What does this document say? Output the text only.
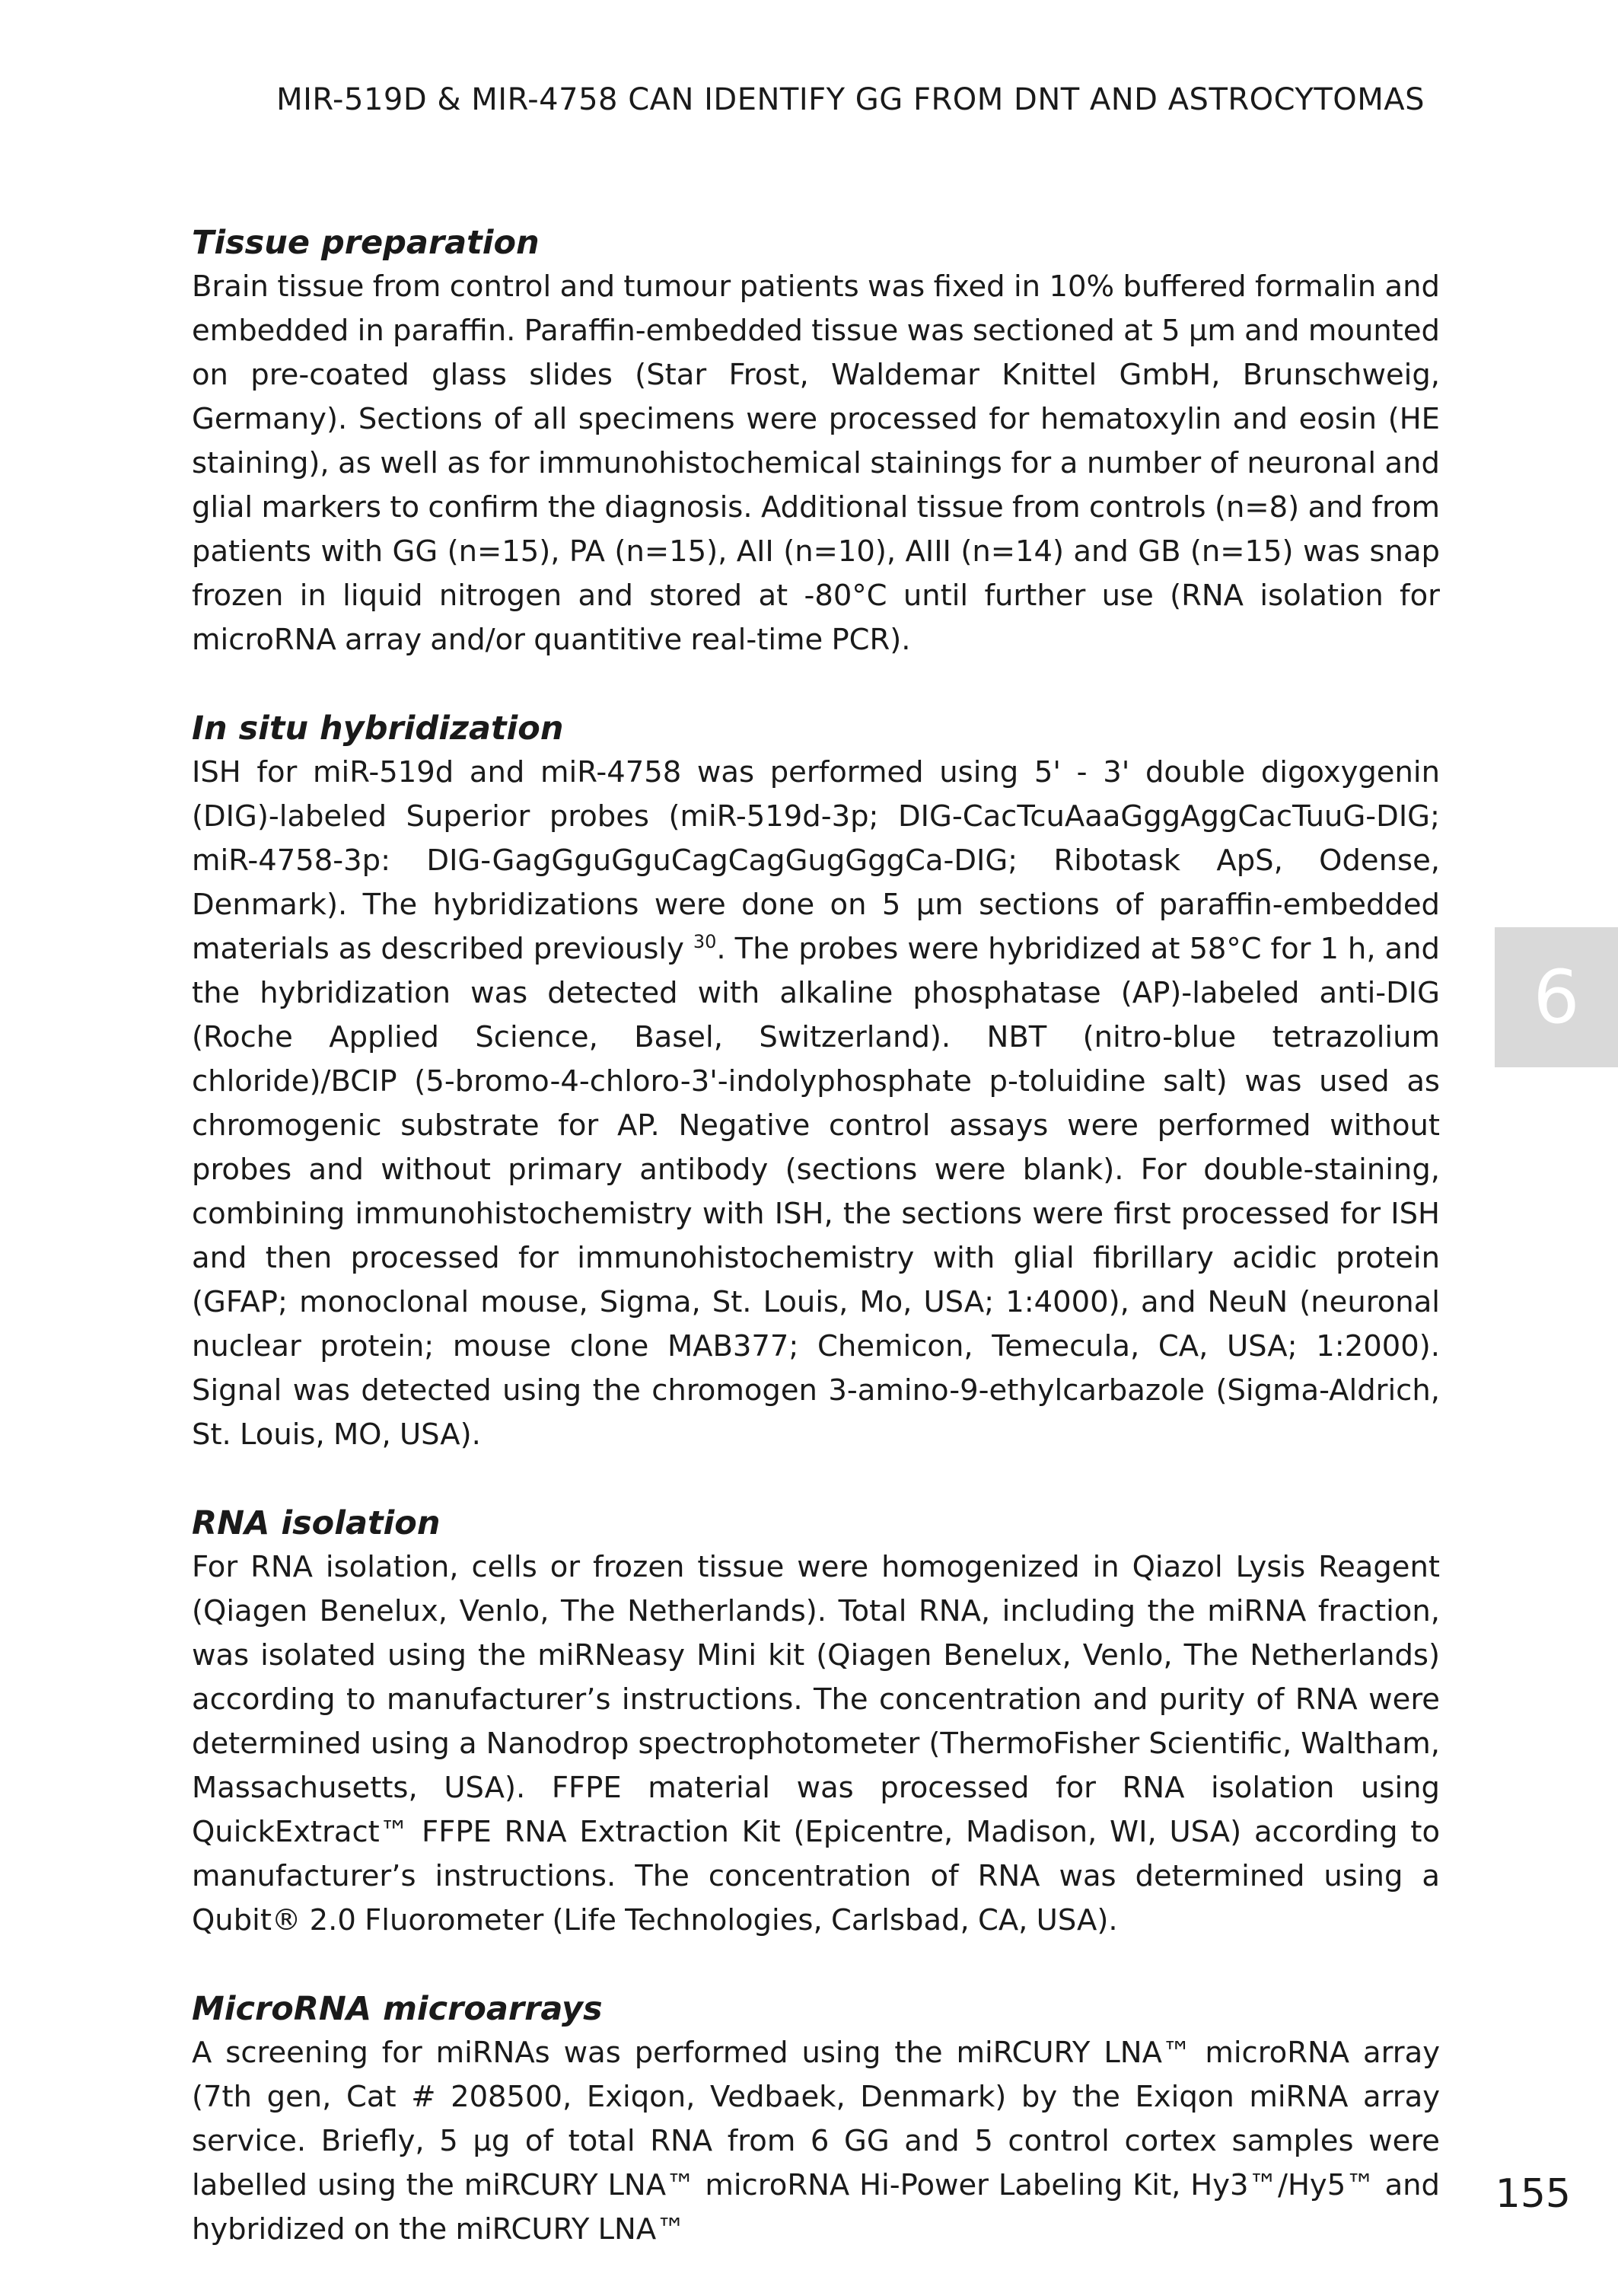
MIR-519D & MIR-4758 CAN IDENTIFY GG FROM DNT AND ASTROCYTOMAS

Tissue preparation

Brain tissue from control and tumour patients was fixed in 10% buffered formalin and embedded in paraffin. Paraffin-embedded tissue was sectioned at 5 μm and mounted on pre-coated glass slides (Star Frost, Waldemar Knittel GmbH, Brunschweig, Germany). Sections of all specimens were processed for hematoxylin and eosin (HE staining), as well as for immunohistochemical stainings for a number of neuronal and glial markers to confirm the diagnosis. Additional tissue from controls (n=8) and from patients with GG (n=15), PA (n=15), AII (n=10), AIII (n=14) and GB (n=15) was snap frozen in liquid nitrogen and stored at -80°C until further use (RNA isolation for microRNA array and/or quantitive real-time PCR).

In situ hybridization

ISH for miR-519d and miR-4758 was performed using 5' - 3' double digoxygenin (DIG)-labeled Superior probes (miR-519d-3p; DIG-CacTcuAaaGggAggCacTuuG-DIG; miR-4758-3p: DIG-GagGguGguCagCagGugGggCa-DIG; Ribotask ApS, Odense, Denmark). The hybridizations were done on 5 μm sections of paraffin-embedded materials as described previously $^{30}$. The probes were hybridized at 58°C for 1 h, and the hybridization was detected with alkaline phosphatase (AP)-labeled anti-DIG (Roche Applied Science, Basel, Switzerland). NBT (nitro-blue tetrazolium chloride)/BCIP (5-bromo-4-chloro-3'-indolyphosphate p-toluidine salt) was used as chromogenic substrate for AP. Negative control assays were performed without probes and without primary antibody (sections were blank). For double-staining, combining immunohistochemistry with ISH, the sections were first processed for ISH and then processed for immunohistochemistry with glial fibrillary acidic protein (GFAP; monoclonal mouse, Sigma, St. Louis, Mo, USA; 1:4000), and NeuN (neuronal nuclear protein; mouse clone MAB377; Chemicon, Temecula, CA, USA; 1:2000). Signal was detected using the chromogen 3-amino-9-ethylcarbazole (Sigma-Aldrich, St. Louis, MO, USA).

RNA isolation

For RNA isolation, cells or frozen tissue were homogenized in Qiazol Lysis Reagent (Qiagen Benelux, Venlo, The Netherlands). Total RNA, including the miRNA fraction, was isolated using the miRNeasy Mini kit (Qiagen Benelux, Venlo, The Netherlands) according to manufacturer’s instructions. The concentration and purity of RNA were determined using a Nanodrop spectrophotometer (ThermoFisher Scientific, Waltham, Massachusetts, USA). FFPE material was processed for RNA isolation using QuickExtract™ FFPE RNA Extraction Kit (Epicentre, Madison, WI, USA) according to manufacturer’s instructions. The concentration of RNA was determined using a Qubit® 2.0 Fluorometer (Life Technologies, Carlsbad, CA, USA).

MicroRNA microarrays

A screening for miRNAs was performed using the miRCURY LNA™ microRNA array (7th gen, Cat # 208500, Exiqon, Vedbaek, Denmark) by the Exiqon miRNA array service. Briefly, 5 μg of total RNA from 6 GG and 5 control cortex samples were labelled using the miRCURY LNA™ microRNA Hi-Power Labeling Kit, Hy3™/Hy5™ and hybridized on the miRCURY LNA™

6
155
